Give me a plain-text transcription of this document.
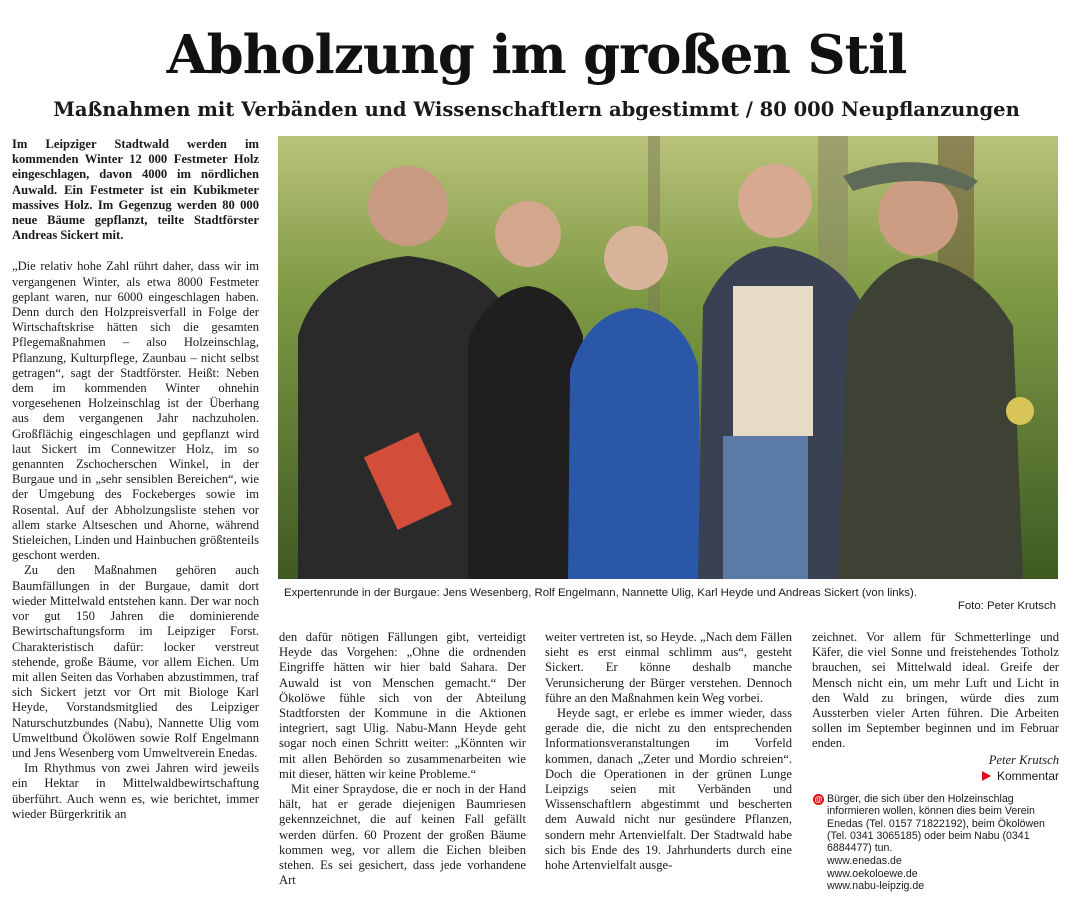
Abholzung im großen Stil
Maßnahmen mit Verbänden und Wissenschaftlern abgestimmt / 80 000 Neupflanzungen

Im Leipziger Stadtwald werden im kommenden Winter 12 000 Festmeter Holz eingeschlagen, davon 4000 im nördlichen Auwald. Ein Festmeter ist ein Kubikmeter massives Holz. Im Gegenzug werden 80 000 neue Bäume gepflanzt, teilte Stadtförster Andreas Sickert mit.

„Die relativ hohe Zahl rührt daher, dass wir im vergangenen Winter, als etwa 8000 Festmeter geplant waren, nur 6000 eingeschlagen haben. Denn durch den Holzpreisverfall in Folge der Wirtschaftskrise hätten sich die gesamten Pflegemaßnahmen – also Holzeinschlag, Pflanzung, Kulturpflege, Zaunbau – nicht selbst getragen“, sagt der Stadtförster. Heißt: Neben dem im kommenden Winter ohnehin vorgesehenen Holzeinschlag ist der Überhang aus dem vergangenen Jahr nachzuholen. Großflächig eingeschlagen und gepflanzt wird laut Sickert im Connewitzer Holz, im so genannten Zschocherschen Winkel, in der Burgaue und in „sehr sensiblen Bereichen“, wie der Umgebung des Fockeberges sowie im Rosental. Auf der Abholzungsliste stehen vor allem starke Altseschen und Ahorne, während Stieleichen, Linden und Hainbuchen größtenteils geschont werden.

Zu den Maßnahmen gehören auch Baumfällungen in der Burgaue, damit dort wieder Mittelwald entstehen kann. Der war noch vor gut 150 Jahren die dominierende Bewirtschaftungsform im Leipziger Forst. Charakteristisch dafür: locker verstreut stehende, große Bäume, vor allem Eichen. Um mit allen Seiten das Vorhaben abzustimmen, traf sich Sickert jetzt vor Ort mit Biologe Karl Heyde, Vorstandsmitglied des Leipziger Naturschutzbundes (Nabu), Nannette Ulig vom Umweltbund Ökolöwen sowie Rolf Engelmann und Jens Wesenberg vom Umweltverein Enedas.

Im Rhythmus von zwei Jahren wird jeweils ein Hektar in Mittelwaldbewirtschaftung überführt. Auch wenn es, wie berichtet, immer wieder Bürgerkritik an

Expertenrunde in der Burgaue: Jens Wesenberg, Rolf Engelmann, Nannette Ulig, Karl Heyde und Andreas Sickert (von links).
Foto: Peter Krutsch

den dafür nötigen Fällungen gibt, verteidigt Heyde das Vorgehen: „Ohne die ordnenden Eingriffe hätten wir hier bald Sahara. Der Auwald ist von Menschen gemacht.“ Der Ökolöwe fühle sich von der Abteilung Stadtforsten der Kommune in die Aktionen integriert, sagt Ulig. Nabu-Mann Heyde geht sogar noch einen Schritt weiter: „Könnten wir mit allen Behörden so zusammenarbeiten wie mit dieser, hätten wir keine Probleme.“

Mit einer Spraydose, die er noch in der Hand hält, hat er gerade diejenigen Baumriesen gekennzeichnet, die auf keinen Fall gefällt werden dürfen. 60 Prozent der großen Bäume kommen weg, vor allem die Eichen bleiben stehen. Es sei gesichert, dass jede vorhandene Art

weiter vertreten ist, so Heyde. „Nach dem Fällen sieht es erst einmal schlimm aus“, gesteht Sickert. Er könne deshalb manche Verunsicherung der Bürger verstehen. Dennoch führe an den Maßnahmen kein Weg vorbei.

Heyde sagt, er erlebe es immer wieder, dass gerade die, die nicht zu den entsprechenden Informationsveranstaltungen im Vorfeld kommen, danach „Zeter und Mordio schreien“. Doch die Operationen in der grünen Lunge Leipzigs seien mit Verbänden und Wissenschaftlern abgestimmt und bescherten dem Auwald nicht nur gesündere Pflanzen, sondern mehr Artenvielfalt. Der Stadtwald habe sich bis Ende des 19. Jahrhunderts durch eine hohe Artenvielfalt ausge-

zeichnet. Vor allem für Schmetterlinge und Käfer, die viel Sonne und freistehendes Totholz brauchen, sei Mittelwald ideal. Greife der Mensch nicht ein, um mehr Luft und Licht in den Wald zu bringen, würde dies zum Aussterben vieler Arten führen. Die Arbeiten sollen im September beginnen und im Februar enden.

Peter Krutsch
Kommentar
@ Bürger, die sich über den Holzeinschlag informieren wollen, können dies beim Verein Enedas (Tel. 0157 71822192), beim Ökolöwen (Tel. 0341 3065185) oder beim Nabu (0341 6884477) tun.
www.enedas.de
www.oekoloewe.de
www.nabu-leipzig.de
